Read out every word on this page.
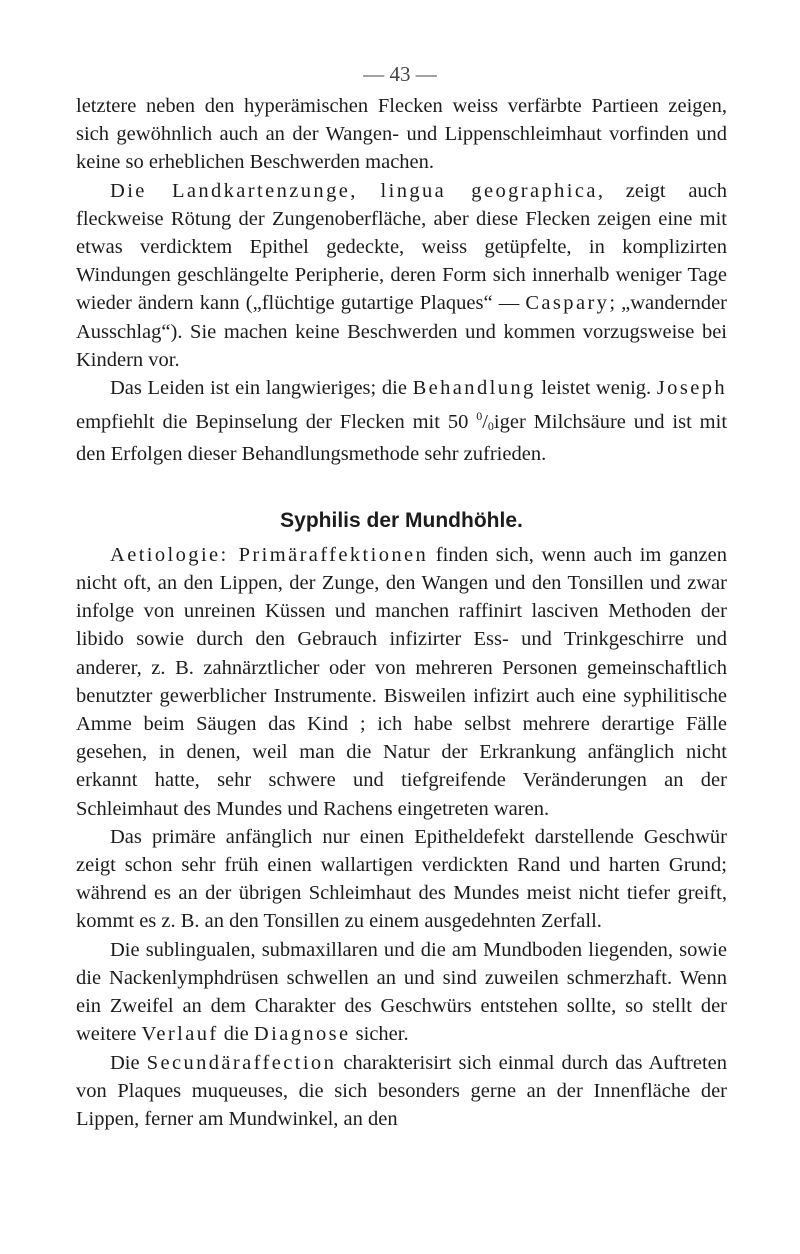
— 43 —

letztere neben den hyperämischen Flecken weiss verfärbte Partieen zeigen, sich gewöhnlich auch an der Wangen- und Lippenschleimhaut vorfinden und keine so erheblichen Beschwerden machen.

Die Landkartenzunge, lingua geographica, zeigt auch fleckweise Rötung der Zungenoberfläche, aber diese Flecken zeigen eine mit etwas verdicktem Epithel gedeckte, weiss getüpfelte, in komplizirten Windungen geschlängelte Peripherie, deren Form sich innerhalb weniger Tage wieder ändern kann („flüchtige gutartige Plaques“ — Caspary; „wandernder Ausschlag“). Sie machen keine Beschwerden und kommen vorzugsweise bei Kindern vor.

Das Leiden ist ein langwieriges; die Behandlung leistet wenig. Joseph empfiehlt die Bepinselung der Flecken mit 50 $^0/_0iger$ Milchsäure und ist mit den Erfolgen dieser Behandlungsmethode sehr zufrieden.

Syphilis der Mundhöhle.

Aetiologie: Primäraffektionen finden sich, wenn auch im ganzen nicht oft, an den Lippen, der Zunge, den Wangen und den Tonsillen und zwar infolge von unreinen Küssen und manchen raffinirt lasciven Methoden der libido sowie durch den Gebrauch infizirter Ess- und Trinkgeschirre und anderer, z. B. zahnärztlicher oder von mehreren Personen gemeinschaftlich benutzter gewerblicher Instrumente. Bisweilen infizirt auch eine syphilitische Amme beim Säugen das Kind ; ich habe selbst mehrere derartige Fälle gesehen, in denen, weil man die Natur der Erkrankung anfänglich nicht erkannt hatte, sehr schwere und tiefgreifende Veränderungen an der Schleimhaut des Mundes und Rachens eingetreten waren.

Das primäre anfänglich nur einen Epitheldefekt darstellende Geschwür zeigt schon sehr früh einen wallartigen verdickten Rand und harten Grund; während es an der übrigen Schleimhaut des Mundes meist nicht tiefer greift, kommt es z. B. an den Tonsillen zu einem ausgedehnten Zerfall.

Die sublingualen, submaxillaren und die am Mundboden liegenden, sowie die Nackenlymphdrüsen schwellen an und sind zuweilen schmerzhaft. Wenn ein Zweifel an dem Charakter des Geschwürs entstehen sollte, so stellt der weitere Verlauf die Diagnose sicher.

Die Secundäraffection charakterisirt sich einmal durch das Auftreten von Plaques muqueuses, die sich besonders gerne an der Innenfläche der Lippen, ferner am Mundwinkel, an den
